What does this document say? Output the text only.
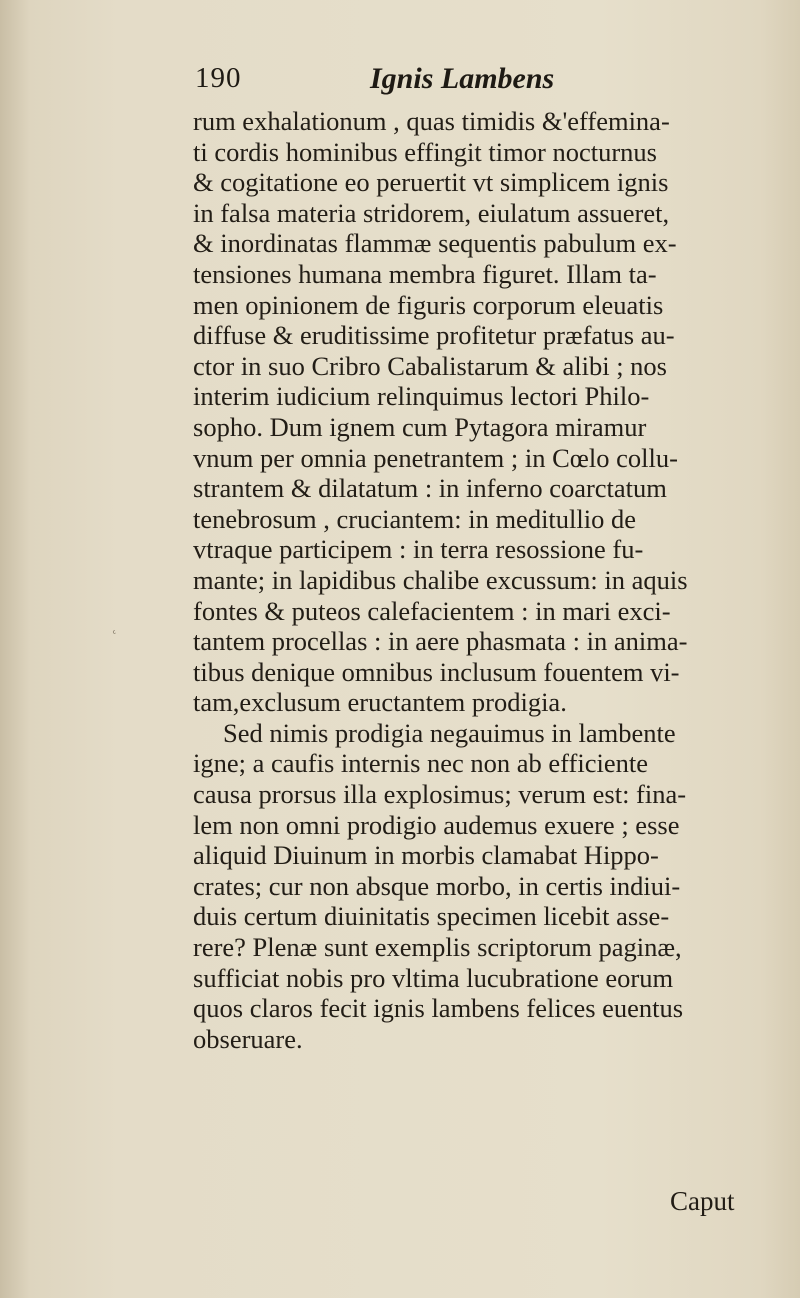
190	Ignis Lambens
rum exhalationum , quas timidis &'effemina-
ti cordis hominibus effingit timor nocturnus
& cogitatione eo peruertit vt simplicem ignis
in falsa materia stridorem, eiulatum assueret,
& inordinatas flammæ sequentis pabulum ex-
tensiones humana membra figuret. Illam ta-
men opinionem de figuris corporum eleuatis
diffuse & eruditissime profitetur præfatus au-
ctor in suo Cribro Cabalistarum & alibi ; nos
interim iudicium relinquimus lectori Philo-
sopho. Dum ignem cum Pytagora miramur
vnum per omnia penetrantem ; in Cœlo collu-
strantem & dilatatum : in inferno coarctatum
tenebrosum , cruciantem: in meditullio de
vtraque participem : in terra resossione fu-
mante; in lapidibus chalibe excussum: in aquis
fontes & puteos calefacientem : in mari exci-
tantem procellas : in aere phasmata : in anima-
tibus denique omnibus inclusum fouentem vi-
tam,exclusum eructantem prodigia.
Sed nimis prodigia negauimus in lambente
igne; a caufis internis nec non ab efficiente
causa prorsus illa explosimus; verum est: fina-
lem non omni prodigio audemus exuere ; esse
aliquid Diuinum in morbis clamabat Hippo-
crates; cur non absque morbo, in certis indiui-
duis certum diuinitatis specimen licebit asse-
rere? Plenæ sunt exemplis scriptorum paginæ,
sufficiat nobis pro vltima lucubratione eorum
quos claros fecit ignis lambens felices euentus
obseruare.
ⷭ
Caput
